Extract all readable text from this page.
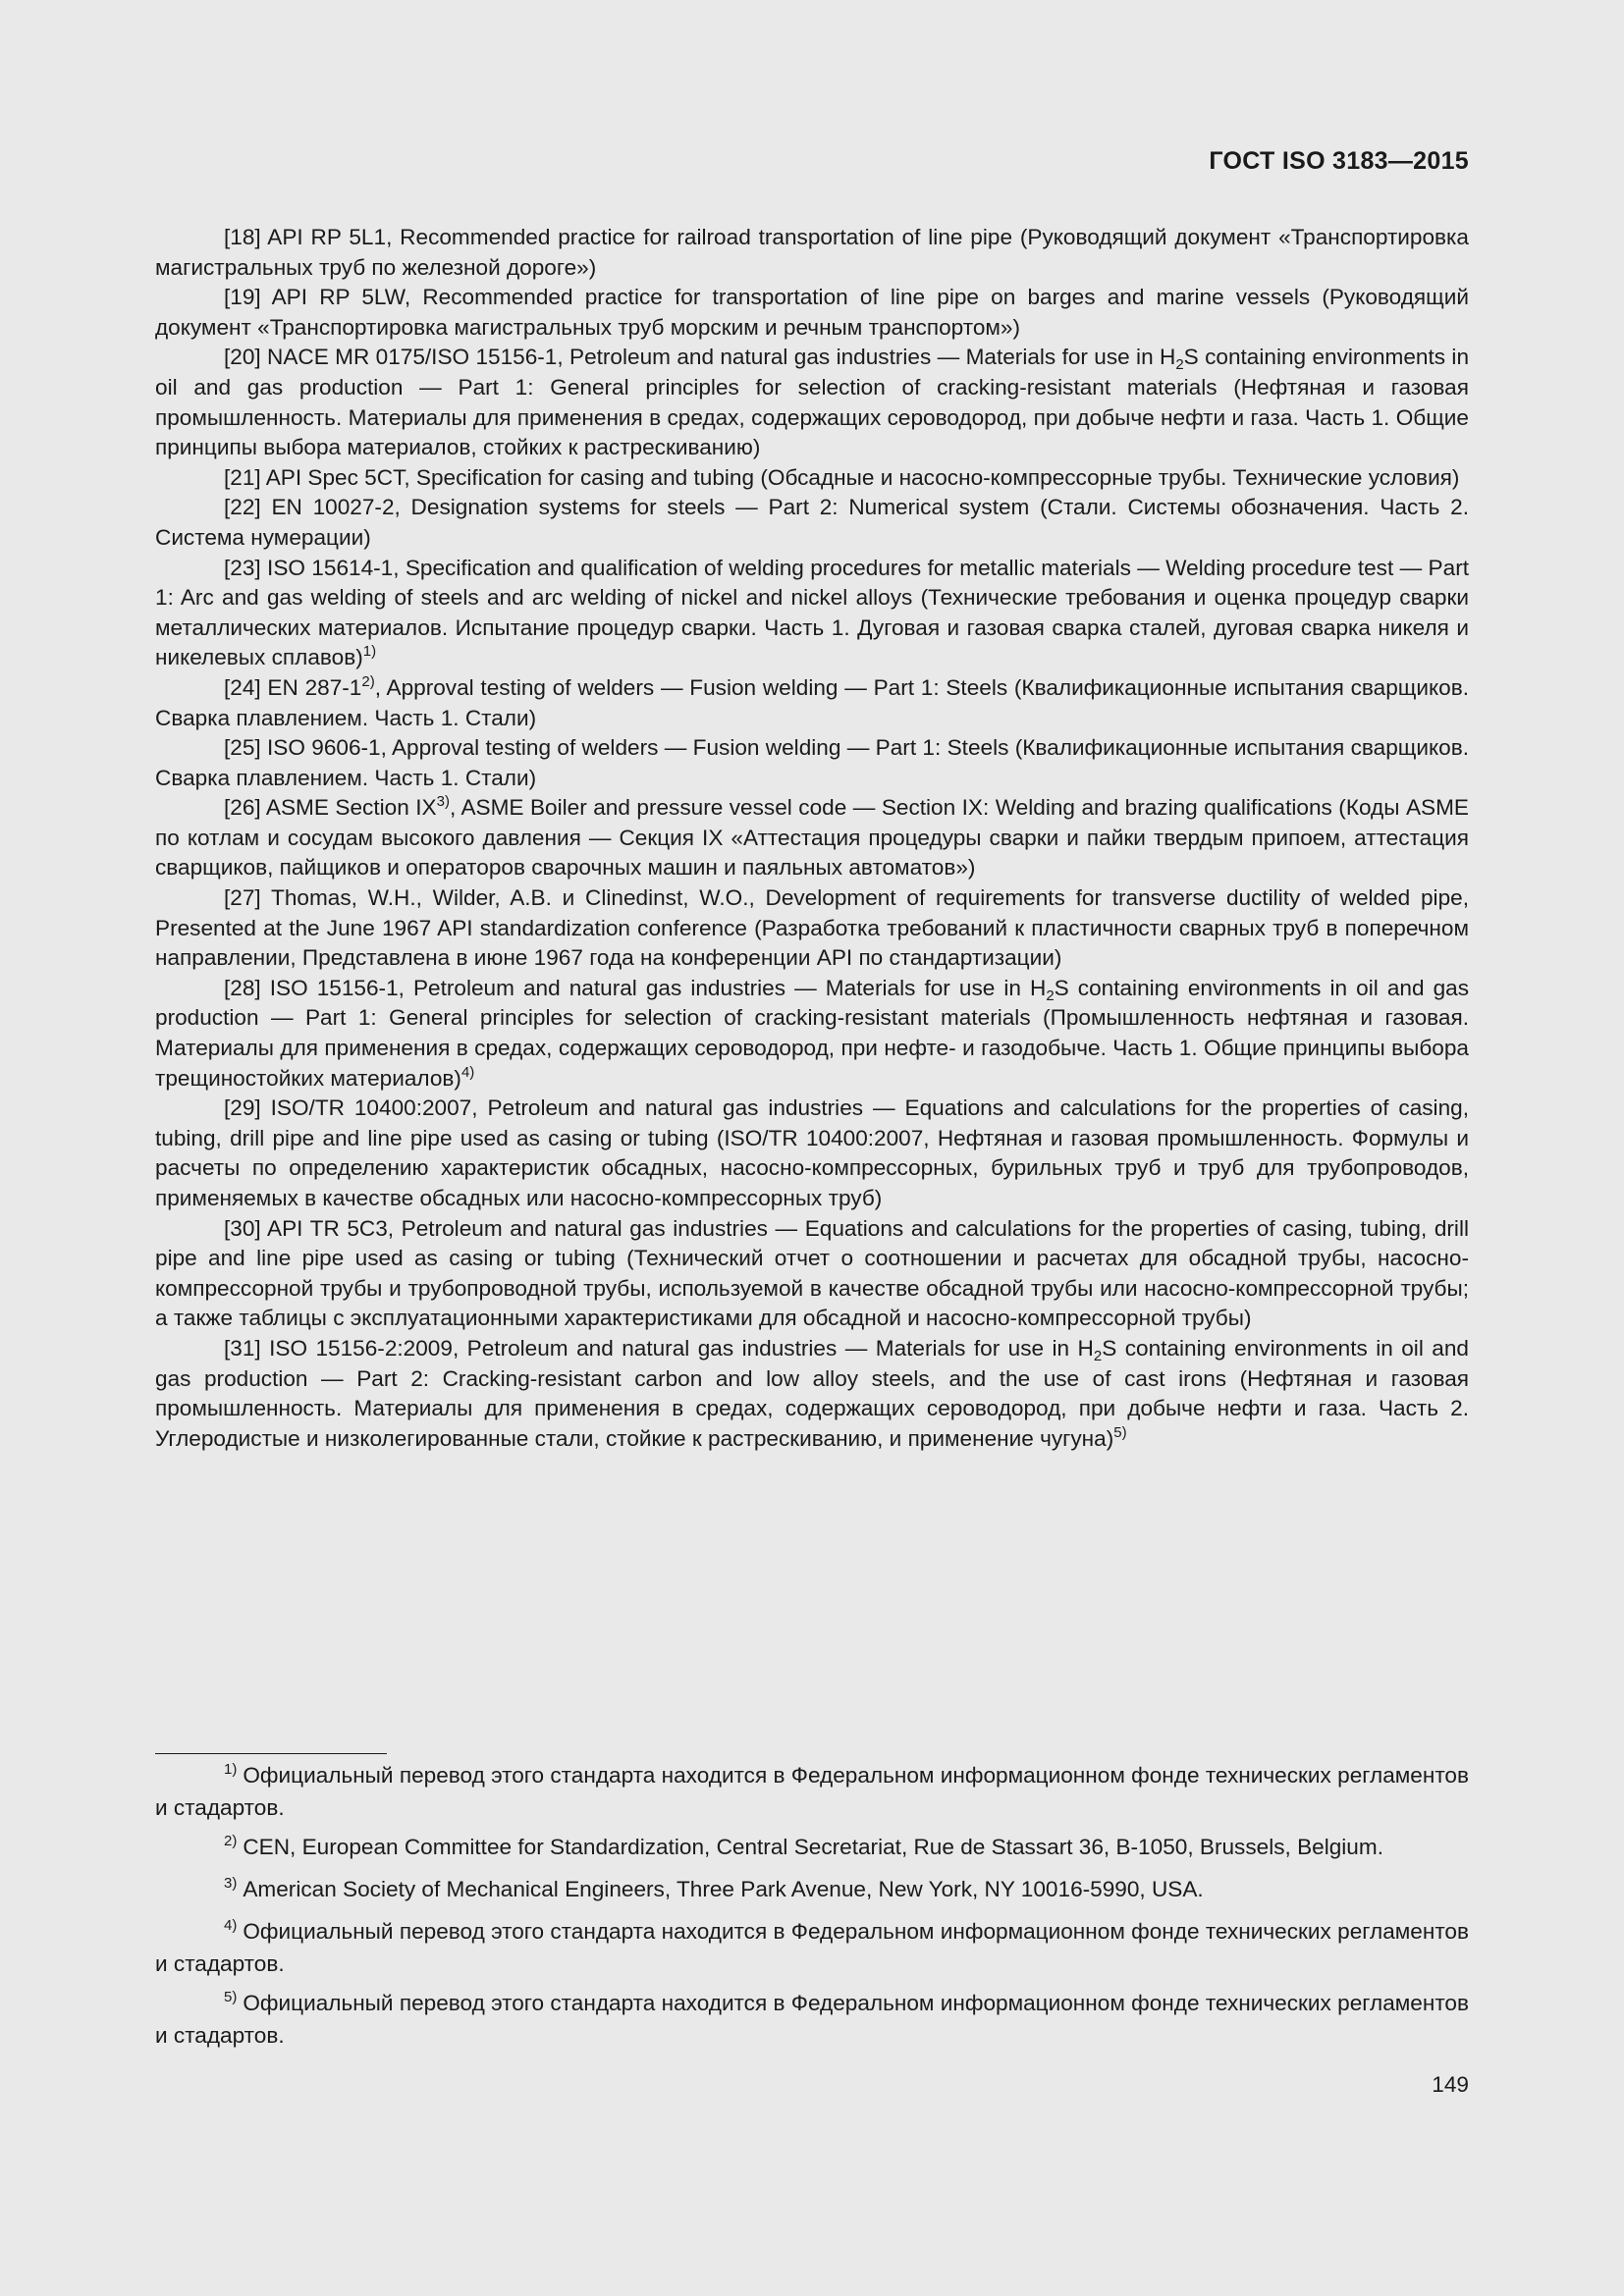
ГОСТ ISO 3183—2015

[18] API RP 5L1, Recommended practice for railroad transportation of line pipe (Руководящий документ «Транспортировка магистральных труб по железной дороге»)

[19] API RP 5LW, Recommended practice for transportation of line pipe on barges and marine vessels (Руководящий документ «Транспортировка магистральных труб морским и речным транспортом»)

[20] NACE MR 0175/ISO 15156-1, Petroleum and natural gas industries — Materials for use in $H_2S$ containing environments in oil and gas production — Part 1: General principles for selection of cracking-resistant materials (Нефтяная и газовая промышленность. Материалы для применения в средах, содержащих сероводород, при добыче нефти и газа. Часть 1. Общие принципы выбора материалов, стойких к растрескиванию)

[21] API Spec 5CT, Specification for casing and tubing (Обсадные и насосно-компрессорные трубы. Технические условия)

[22] EN 10027-2, Designation systems for steels — Part 2: Numerical system (Стали. Системы обозначения. Часть 2. Система нумерации)

[23] ISO 15614-1, Specification and qualification of welding procedures for metallic materials — Welding procedure test — Part 1: Arc and gas welding of steels and arc welding of nickel and nickel alloys (Технические требования и оценка процедур сварки металлических материалов. Испытание процедур сварки. Часть 1. Дуговая и газовая сварка сталей, дуговая сварка никеля и никелевых сплавов)$^{1)}$

[24] EN 287-1$^{2)}$, Approval testing of welders — Fusion welding — Part 1: Steels (Квалификационные испытания сварщиков. Сварка плавлением. Часть 1. Стали)

[25] ISO 9606-1, Approval testing of welders — Fusion welding — Part 1: Steels (Квалификационные испытания сварщиков. Сварка плавлением. Часть 1. Стали)

[26] ASME Section IX$^{3)}$, ASME Boiler and pressure vessel code — Section IX: Welding and brazing qualifications (Коды ASME по котлам и сосудам высокого давления — Секция IX «Аттестация процедуры сварки и пайки твердым припоем, аттестация сварщиков, пайщиков и операторов сварочных машин и паяльных автоматов»)

[27] Thomas, W.H., Wilder, A.B. и Clinedinst, W.O., Development of requirements for transverse ductility of welded pipe, Presented at the June 1967 API standardization conference (Разработка требований к пластичности сварных труб в поперечном направлении, Представлена в июне 1967 года на конференции API по стандартизации)

[28] ISO 15156-1, Petroleum and natural gas industries — Materials for use in $H_2S$ containing environments in oil and gas production — Part 1: General principles for selection of cracking-resistant materials (Промышленность нефтяная и газовая. Материалы для применения в средах, содержащих сероводород, при нефте- и газодобыче. Часть 1. Общие принципы выбора трещиностойких материалов)$^{4)}$

[29] ISO/TR 10400:2007, Petroleum and natural gas industries — Equations and calculations for the properties of casing, tubing, drill pipe and line pipe used as casing or tubing (ISO/TR 10400:2007, Нефтяная и газовая промышленность. Формулы и расчеты по определению характеристик обсадных, насосно-компрессорных, бурильных труб и труб для трубопроводов, применяемых в качестве обсадных или насосно-компрессорных труб)

[30] API TR 5C3, Petroleum and natural gas industries — Equations and calculations for the properties of casing, tubing, drill pipe and line pipe used as casing or tubing (Технический отчет о соотношении и расчетах для обсадной трубы, насосно-компрессорной трубы и трубопроводной трубы, используемой в качестве обсадной трубы или насосно-компрессорной трубы; а также таблицы с эксплуатационными характеристиками для обсадной и насосно-компрессорной трубы)

[31] ISO 15156-2:2009, Petroleum and natural gas industries — Materials for use in $H_2S$ containing environments in oil and gas production — Part 2: Cracking-resistant carbon and low alloy steels, and the use of cast irons (Нефтяная и газовая промышленность. Материалы для применения в средах, содержащих сероводород, при добыче нефти и газа. Часть 2. Углеродистые и низколегированные стали, стойкие к растрескиванию, и применение чугуна)$^{5)}$

$^{1)}$ Официальный перевод этого стандарта находится в Федеральном информационном фонде технических регламентов и стадартов.

$^{2)}$ CEN, European Committee for Standardization, Central Secretariat, Rue de Stassart 36, B-1050, Brussels, Belgium.

$^{3)}$ American Society of Mechanical Engineers, Three Park Avenue, New York, NY 10016-5990, USA.

$^{4)}$ Официальный перевод этого стандарта находится в Федеральном информационном фонде технических регламентов и стадартов.

$^{5)}$ Официальный перевод этого стандарта находится в Федеральном информационном фонде технических регламентов и стадартов.

149
